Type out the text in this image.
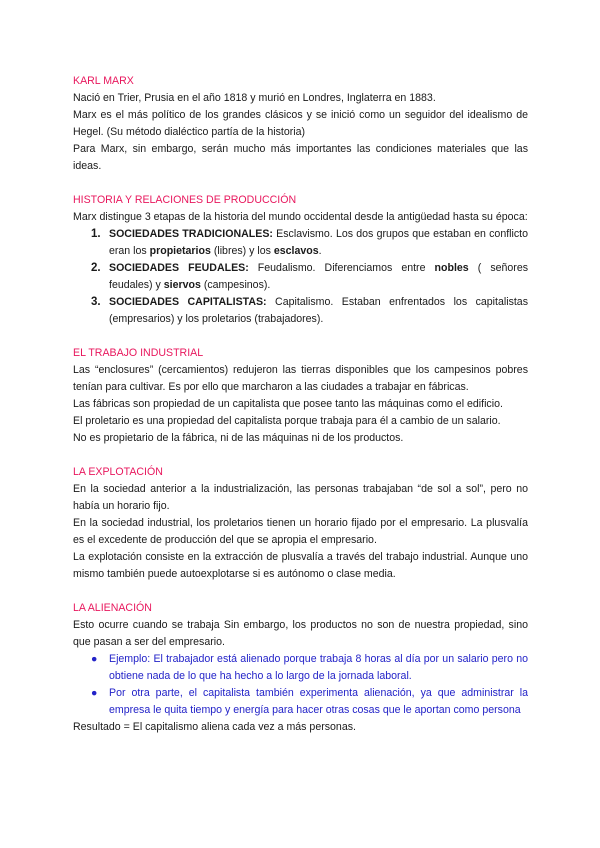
KARL MARX

Nació en Trier, Prusia en el año 1818 y murió en Londres, Inglaterra en 1883.

Marx es el más político de los grandes clásicos y se inició como un seguidor del idealismo de Hegel. (Su método dialéctico partía de la historia)

Para Marx, sin embargo, serán mucho más importantes las condiciones materiales que las ideas.

HISTORIA Y RELACIONES DE PRODUCCIÓN

Marx distingue 3 etapas de la historia del mundo occidental desde la antigüedad hasta su época:

1. SOCIEDADES TRADICIONALES: Esclavismo. Los dos grupos que estaban en conflicto eran los propietarios (libres) y los esclavos.
2. SOCIEDADES FEUDALES: Feudalismo. Diferenciamos entre nobles ( señores feudales) y siervos (campesinos).
3. SOCIEDADES CAPITALISTAS: Capitalismo. Estaban enfrentados los capitalistas (empresarios) y los proletarios (trabajadores).

EL TRABAJO INDUSTRIAL

Las “enclosures” (cercamientos) redujeron las tierras disponibles que los campesinos pobres tenían para cultivar. Es por ello que marcharon a las ciudades a trabajar en fábricas.

Las fábricas son propiedad de un capitalista que posee tanto las máquinas como el edificio.

El proletario es una propiedad del capitalista porque trabaja para él a cambio de un salario.

No es propietario de la fábrica, ni de las máquinas ni de los productos.

LA EXPLOTACIÓN

En la sociedad anterior a la industrialización, las personas trabajaban “de sol a sol”, pero no había un horario fijo.

En la sociedad industrial, los proletarios tienen un horario fijado por el empresario. La plusvalía es el excedente de producción del que se apropia el empresario.

La explotación consiste en la extracción de plusvalía a través del trabajo industrial. Aunque uno mismo también puede autoexplotarse si es autónomo o clase media.

LA ALIENACIÓN

Esto ocurre cuando se trabaja Sin embargo, los productos no son de nuestra propiedad, sino que pasan a ser del empresario.

● Ejemplo: El trabajador está alienado porque trabaja 8 horas al día por un salario pero no obtiene nada de lo que ha hecho a lo largo de la jornada laboral.
● Por otra parte, el capitalista también experimenta alienación, ya que administrar la empresa le quita tiempo y energía para hacer otras cosas que le aportan como persona

Resultado = El capitalismo aliena cada vez a más personas.
